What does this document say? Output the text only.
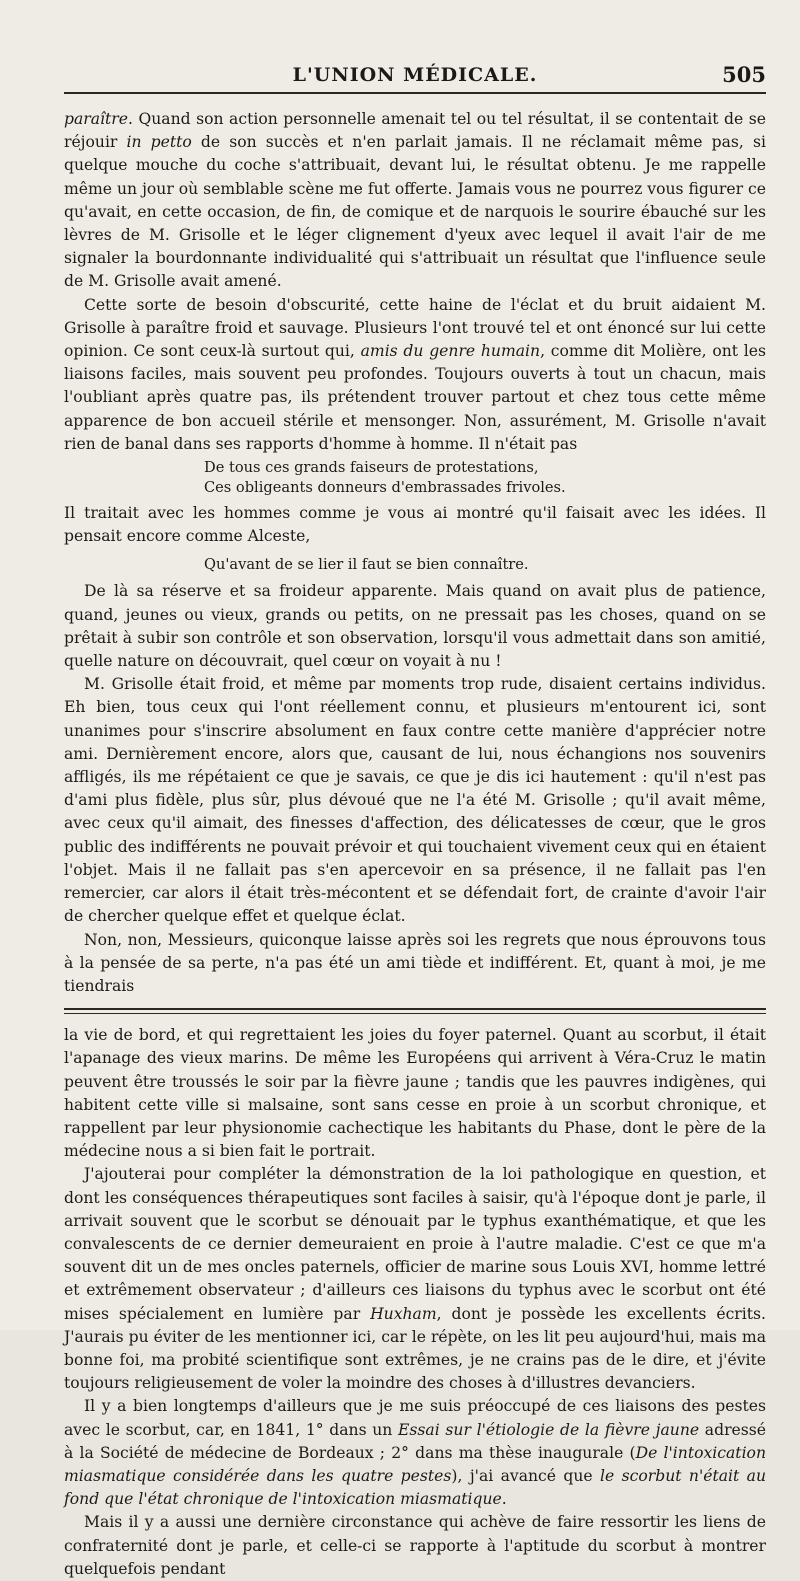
L'UNION MÉDICALE.	505

paraître. Quand son action personnelle amenait tel ou tel résultat, il se contentait de se réjouir in petto de son succès et n'en parlait jamais. Il ne réclamait même pas, si quelque mouche du coche s'attribuait, devant lui, le résultat obtenu. Je me rappelle même un jour où semblable scène me fut offerte. Jamais vous ne pourrez vous figurer ce qu'avait, en cette occasion, de fin, de comique et de narquois le sourire ébauché sur les lèvres de M. Grisolle et le léger clignement d'yeux avec lequel il avait l'air de me signaler la bourdonnante individualité qui s'attribuait un résultat que l'influence seule de M. Grisolle avait amené.

Cette sorte de besoin d'obscurité, cette haine de l'éclat et du bruit aidaient M. Grisolle à paraître froid et sauvage. Plusieurs l'ont trouvé tel et ont énoncé sur lui cette opinion. Ce sont ceux-là surtout qui, amis du genre humain, comme dit Molière, ont les liaisons faciles, mais souvent peu profondes. Toujours ouverts à tout un chacun, mais l'oubliant après quatre pas, ils prétendent trouver partout et chez tous cette même apparence de bon accueil stérile et mensonger. Non, assurément, M. Grisolle n'avait rien de banal dans ses rapports d'homme à homme. Il n'était pas

De tous ces grands faiseurs de protestations,
Ces obligeants donneurs d'embrassades frivoles.

Il traitait avec les hommes comme je vous ai montré qu'il faisait avec les idées. Il pensait encore comme Alceste,

Qu'avant de se lier il faut se bien connaître.

De là sa réserve et sa froideur apparente. Mais quand on avait plus de patience, quand, jeunes ou vieux, grands ou petits, on ne pressait pas les choses, quand on se prêtait à subir son contrôle et son observation, lorsqu'il vous admettait dans son amitié, quelle nature on découvrait, quel cœur on voyait à nu !

M. Grisolle était froid, et même par moments trop rude, disaient certains individus. Eh bien, tous ceux qui l'ont réellement connu, et plusieurs m'entourent ici, sont unanimes pour s'inscrire absolument en faux contre cette manière d'apprécier notre ami. Dernièrement encore, alors que, causant de lui, nous échangions nos souvenirs affligés, ils me répétaient ce que je savais, ce que je dis ici hautement : qu'il n'est pas d'ami plus fidèle, plus sûr, plus dévoué que ne l'a été M. Grisolle ; qu'il avait même, avec ceux qu'il aimait, des finesses d'affection, des délicatesses de cœur, que le gros public des indifférents ne pouvait prévoir et qui touchaient vivement ceux qui en étaient l'objet. Mais il ne fallait pas s'en apercevoir en sa présence, il ne fallait pas l'en remercier, car alors il était très-mécontent et se défendait fort, de crainte d'avoir l'air de chercher quelque effet et quelque éclat.

Non, non, Messieurs, quiconque laisse après soi les regrets que nous éprouvons tous à la pensée de sa perte, n'a pas été un ami tiède et indifférent. Et, quant à moi, je me tiendrais

la vie de bord, et qui regrettaient les joies du foyer paternel. Quant au scorbut, il était l'apanage des vieux marins. De même les Européens qui arrivent à Véra-Cruz le matin peuvent être troussés le soir par la fièvre jaune ; tandis que les pauvres indigènes, qui habitent cette ville si malsaine, sont sans cesse en proie à un scorbut chronique, et rappellent par leur physionomie cachectique les habitants du Phase, dont le père de la médecine nous a si bien fait le portrait.

J'ajouterai pour compléter la démonstration de la loi pathologique en question, et dont les conséquences thérapeutiques sont faciles à saisir, qu'à l'époque dont je parle, il arrivait souvent que le scorbut se dénouait par le typhus exanthématique, et que les convalescents de ce dernier demeuraient en proie à l'autre maladie. C'est ce que m'a souvent dit un de mes oncles paternels, officier de marine sous Louis XVI, homme lettré et extrêmement observateur ; d'ailleurs ces liaisons du typhus avec le scorbut ont été mises spécialement en lumière par Huxham, dont je possède les excellents écrits. J'aurais pu éviter de les mentionner ici, car le répète, on les lit peu aujourd'hui, mais ma bonne foi, ma probité scientifique sont extrêmes, je ne crains pas de le dire, et j'évite toujours religieusement de voler la moindre des choses à d'illustres devanciers.

Il y a bien longtemps d'ailleurs que je me suis préoccupé de ces liaisons des pestes avec le scorbut, car, en 1841, 1° dans un Essai sur l'étiologie de la fièvre jaune adressé à la Société de médecine de Bordeaux ; 2° dans ma thèse inaugurale (De l'intoxication miasmatique considérée dans les quatre pestes), j'ai avancé que le scorbut n'était au fond que l'état chronique de l'intoxication miasmatique.

Mais il y a aussi une dernière circonstance qui achève de faire ressortir les liens de confraternité dont je parle, et celle-ci se rapporte à l'aptitude du scorbut à montrer quelquefois pendant
